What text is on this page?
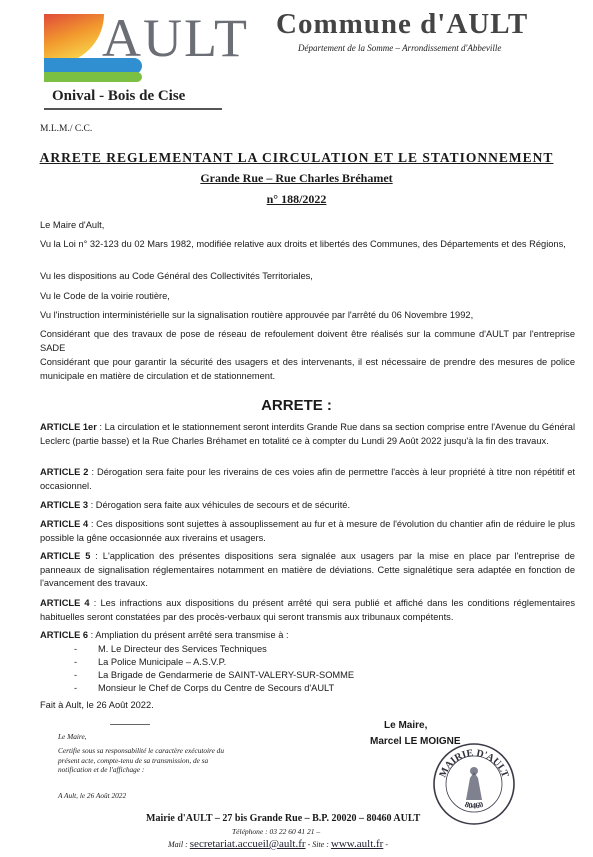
AULT
Onival - Bois de Cise
Commune d'AULT
Département de la Somme – Arrondissement d'Abbeville
M.L.M./ C.C.
ARRETE REGLEMENTANT LA CIRCULATION ET LE STATIONNEMENT
Grande Rue – Rue Charles Bréhamet
n° 188/2022
Le Maire d'Ault,
Vu la Loi n° 32-123 du 02 Mars 1982, modifiée relative aux droits et libertés des Communes, des Départements et des Régions,
Vu les dispositions au Code Général des Collectivités Territoriales,
Vu le Code de la voirie routière,
Vu l'instruction interministérielle sur la signalisation routière approuvée par l'arrêté du 06 Novembre 1992,
Considérant que des travaux de pose de réseau de refoulement doivent être réalisés sur la commune d'AULT par l'entreprise SADE
Considérant que pour garantir la sécurité des usagers et des intervenants, il est nécessaire de prendre des mesures de police municipale en matière de circulation et de stationnement.
ARRETE :
ARTICLE 1er : La circulation et le stationnement seront interdits Grande Rue dans sa section comprise entre l'Avenue du Général Leclerc (partie basse) et la Rue Charles Bréhamet en totalité ce à compter du Lundi 29 Août 2022 jusqu'à la fin des travaux.
ARTICLE 2 : Dérogation sera faite pour les riverains de ces voies afin de permettre l'accès à leur propriété à titre non répétitif et occasionnel.
ARTICLE 3 : Dérogation sera faite aux véhicules de secours et de sécurité.
ARTICLE 4 : Ces dispositions sont sujettes à assouplissement au fur et à mesure de l'évolution du chantier afin de réduire le plus possible la gêne occasionnée aux riverains et usagers.
ARTICLE 5 : L'application des présentes dispositions sera signalée aux usagers par la mise en place par l'entreprise de panneaux de signalisation réglementaires notamment en matière de déviations. Cette signalétique sera adaptée en fonction de l'avancement des travaux.
ARTICLE 4 : Les infractions aux dispositions du présent arrêté qui sera publié et affiché dans les conditions réglementaires habituelles seront constatées par des procès-verbaux qui seront transmis aux tribunaux compétents.
ARTICLE 6 : Ampliation du présent arrêté sera transmise à :
- M. Le Directeur des Services Techniques
- La Police Municipale – A.S.V.P.
- La Brigade de Gendarmerie de SAINT-VALERY-SUR-SOMME
- Monsieur le Chef de Corps du Centre de Secours d'AULT
Fait à Ault, le 26 Août 2022.
Le Maire,
Certifie sous sa responsabilité le caractère exécutoire du présent acte, compte-tenu de sa transmission, de sa notification et de l'affichage :
A Ault, le 26 Août 2022
Le Maire,
Marcel LE MOIGNE
MAIRIE D'AULT
80460
Mairie d'AULT – 27 bis Grande Rue – B.P. 20020 – 80460 AULT
Téléphone : 03 22 60 41 21 –
Mail : secretariat.accueil@ault.fr - Site : www.ault.fr -
